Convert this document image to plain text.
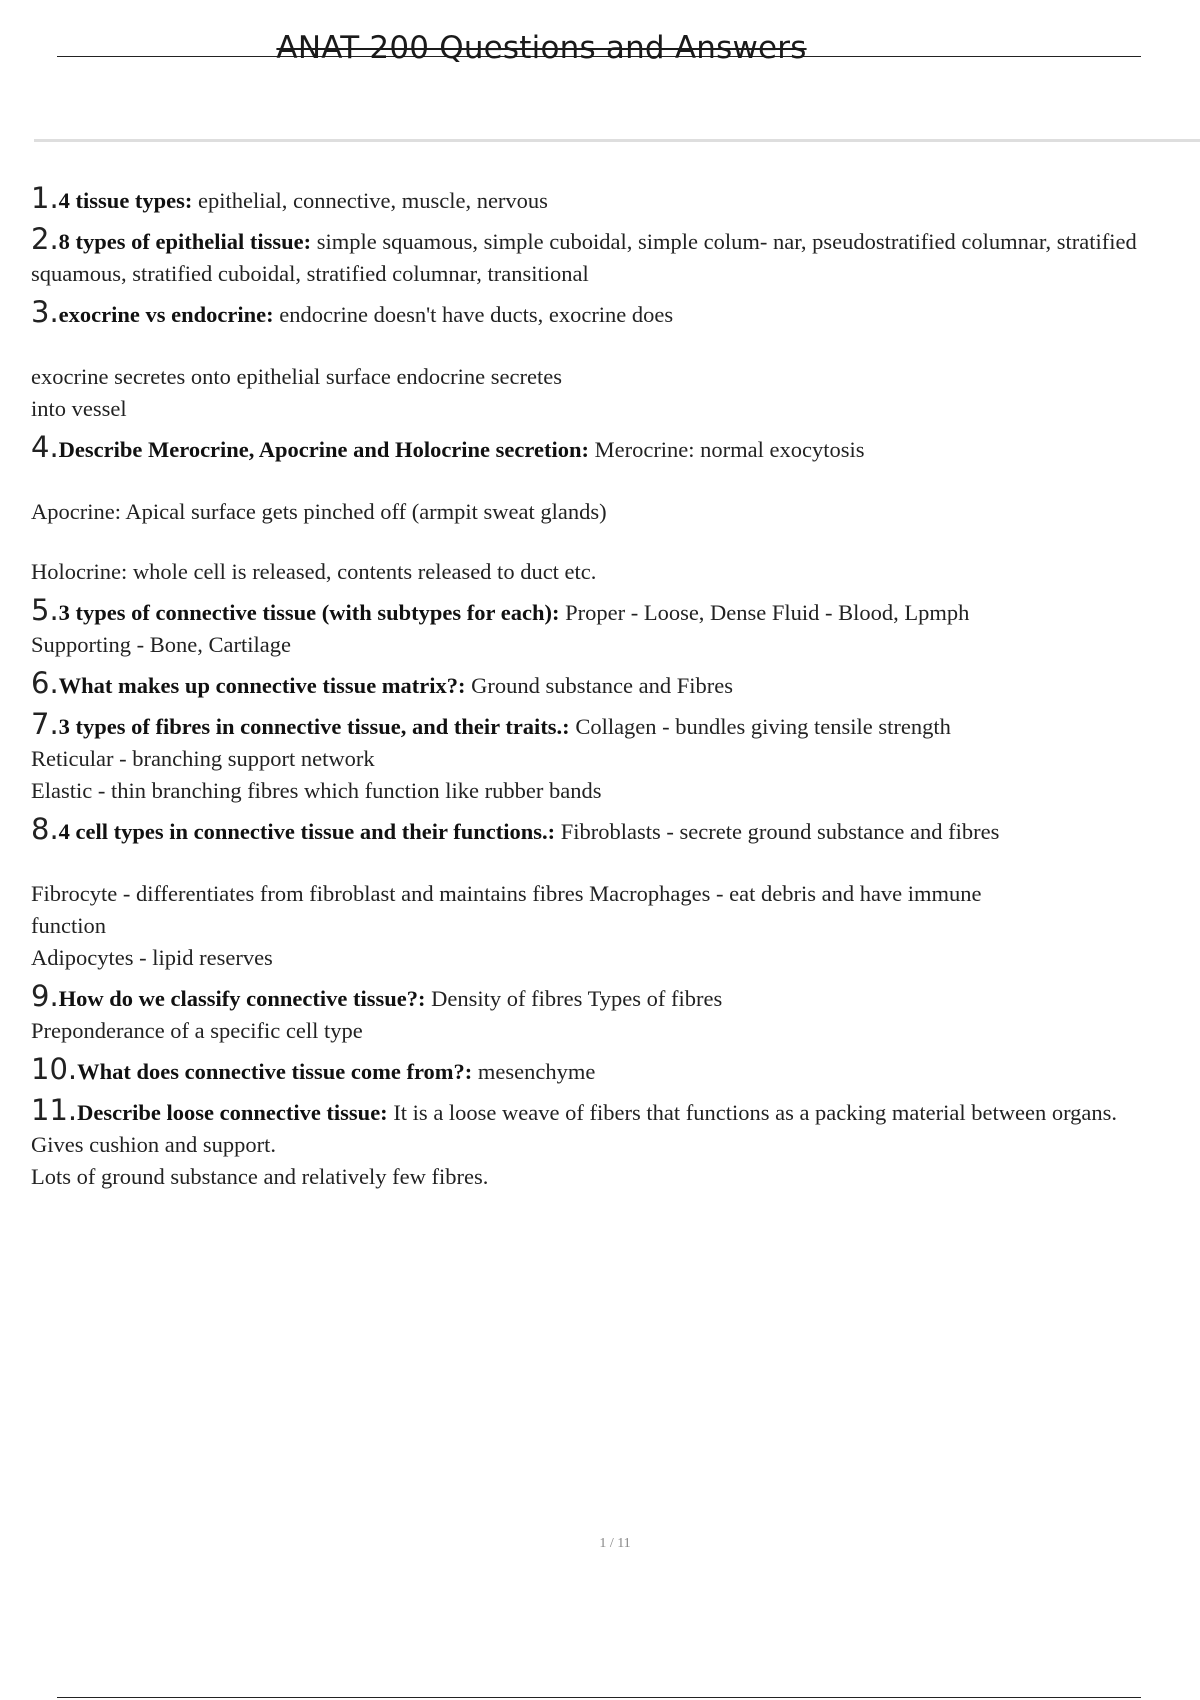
ANAT 200 Questions and Answers
1.4 tissue types: epithelial, connective, muscle, nervous
2.8 types of epithelial tissue: simple squamous, simple cuboidal, simple colum- nar, pseudostratified columnar, stratified squamous, stratified cuboidal, stratified columnar, transitional
3.exocrine vs endocrine: endocrine doesn't have ducts, exocrine does

exocrine secretes onto epithelial surface endocrine secretes

into vessel

4.Describe Merocrine, Apocrine and Holocrine secretion: Merocrine: normal exocytosis

Apocrine: Apical surface gets pinched off (armpit sweat glands)

Holocrine: whole cell is released, contents released to duct etc.

5.3 types of connective tissue (with subtypes for each): Proper - Loose, Dense Fluid - Blood, Lpmph

Supporting - Bone, Cartilage

6.What makes up connective tissue matrix?: Ground substance and Fibres
7.3 types of fibres in connective tissue, and their traits.: Collagen - bundles giving tensile strength

Reticular - branching support network

Elastic - thin branching fibres which function like rubber bands

8.4 cell types in connective tissue and their functions.: Fibroblasts - secrete ground substance and fibres

Fibrocyte - differentiates from fibroblast and maintains fibres Macrophages - eat debris and have immune function

Adipocytes - lipid reserves

9.How do we classify connective tissue?: Density of fibres Types of fibres

Preponderance of a specific cell type

10.What does connective tissue come from?: mesenchyme
11.Describe loose connective tissue: It is a loose weave of fibers that functions as a packing material between organs. Gives cushion and support.

Lots of ground substance and relatively few fibres.

1 / 11
